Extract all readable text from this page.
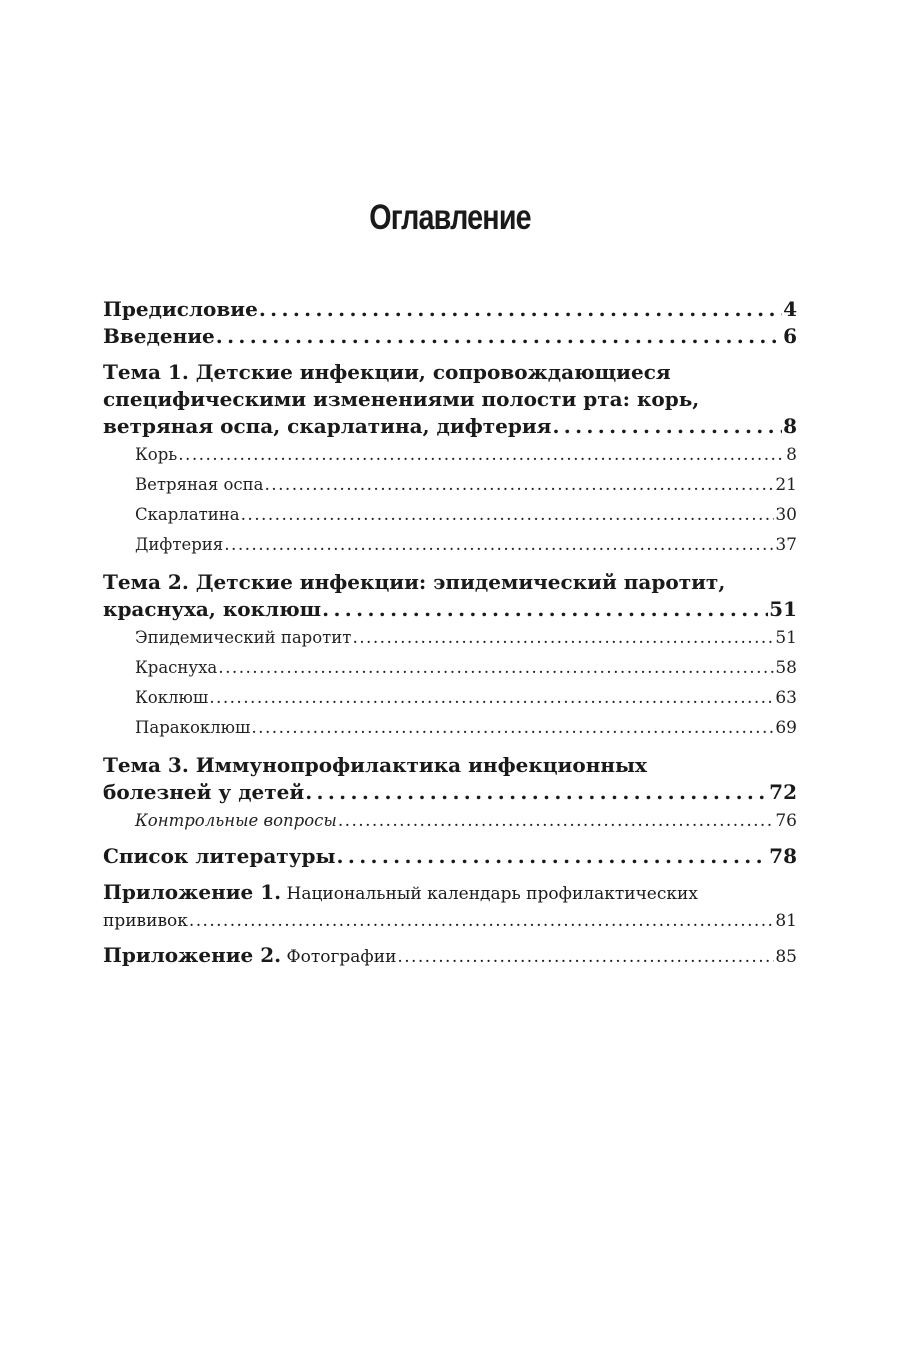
Оглавление
Предисловие . . .	4
Введение . . .	6
Тема 1. Детские инфекции, сопровождающиеся
специфическими изменениями полости рта: корь,
ветряная оспа, скарлатина, дифтерия . . .	8
Корь . . .	8
Ветряная оспа . . .	21
Скарлатина . . .	30
Дифтерия . . .	37
Тема 2. Детские инфекции: эпидемический паротит,
краснуха, коклюш . . .	51
Эпидемический паротит . . .	51
Краснуха . . .	58
Коклюш . . .	63
Паракоклюш . . .	69
Тема 3. Иммунопрофилактика инфекционных
болезней у детей . . .	72
Контрольные вопросы . . .	76
Список литературы . . .	78
Приложение 1. Национальный календарь профилактических
прививок . . .	81
Приложение 2. Фотографии . . .	85
